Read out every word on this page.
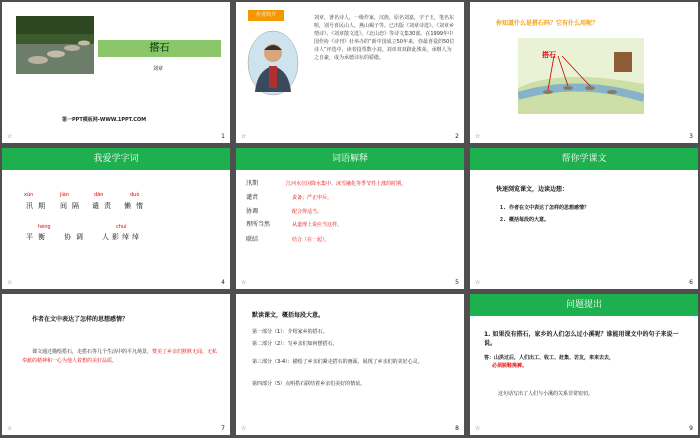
搭石
刘章
第一PPT模板网-WWW.1PPT.COM
☆	1
作者简介	刘章，著名诗人，一级作家，汉族，原名刘嘉，字子玉，笔名东咀，别号喜民山人。燕山褐子等。已出版《刘章诗选》、《刘章乡情诗》、《刘章散文选》、《北山恋》等诗文集30部。在1999年中国作协《诗刊》社举办的“新中国成立50年来，你最喜爱的50位诗人”评选中，读者投票数小刘。刘章双双跻此殊荣，承继人为之自豪，成为承德诗坛的骄傲。
☆	2
你知道什么是搭石吗？它有什么用呢？
搭石
☆	3
我爱学字词
xùn	jiàn	dān	duò
汛 期 间 隔 谴 责 懒 惰
héng	chuí
平 衡	协 调	人 影 绰 绰
☆	4
词语解释
汛期	江河水位因降水集中、冰雪融化等季节性上涨的时期。
谴责	责备；严正申斥。
协调	配合得适当。
理所当然	从道理上说应当这样。
联结	结合（在一起）。
☆	5
帮你学课文
快速浏览课文，边读边想：
1. 作者在文中表达了怎样的思想感情？
2. 概括每段的大意。
☆	6
作者在文中表达了怎样的思想感情？
课文通过描绘搭石，走搭石等几个生活中的平凡场景，赞美了乡亲们默默无闻、无私奉献的精神和一心为他人着想的美好品质。
☆	7
默读课文，概括每段大意。
第一部分（1）：介绍家乡的搭石。
第二部分（2）：写乡亲们如何摆搭石。
第三部分（3-4）：描绘了乡亲们紧走搭石的画面，展现了乡亲们的美好心灵。
第四部分（5）点明搭石联结着乡亲们美好的情谊。
☆	8
问题提出
1. 如果没有搭石，家乡的人们怎么过小溪呢？谁能用课文中的句子来说一说。
答：山洪过后，人们出工、收工、赶集、访友，来来去去，
必须脱鞋挽裤。
这句话写出了人们与小溪的关系非常密切。
☆	9
